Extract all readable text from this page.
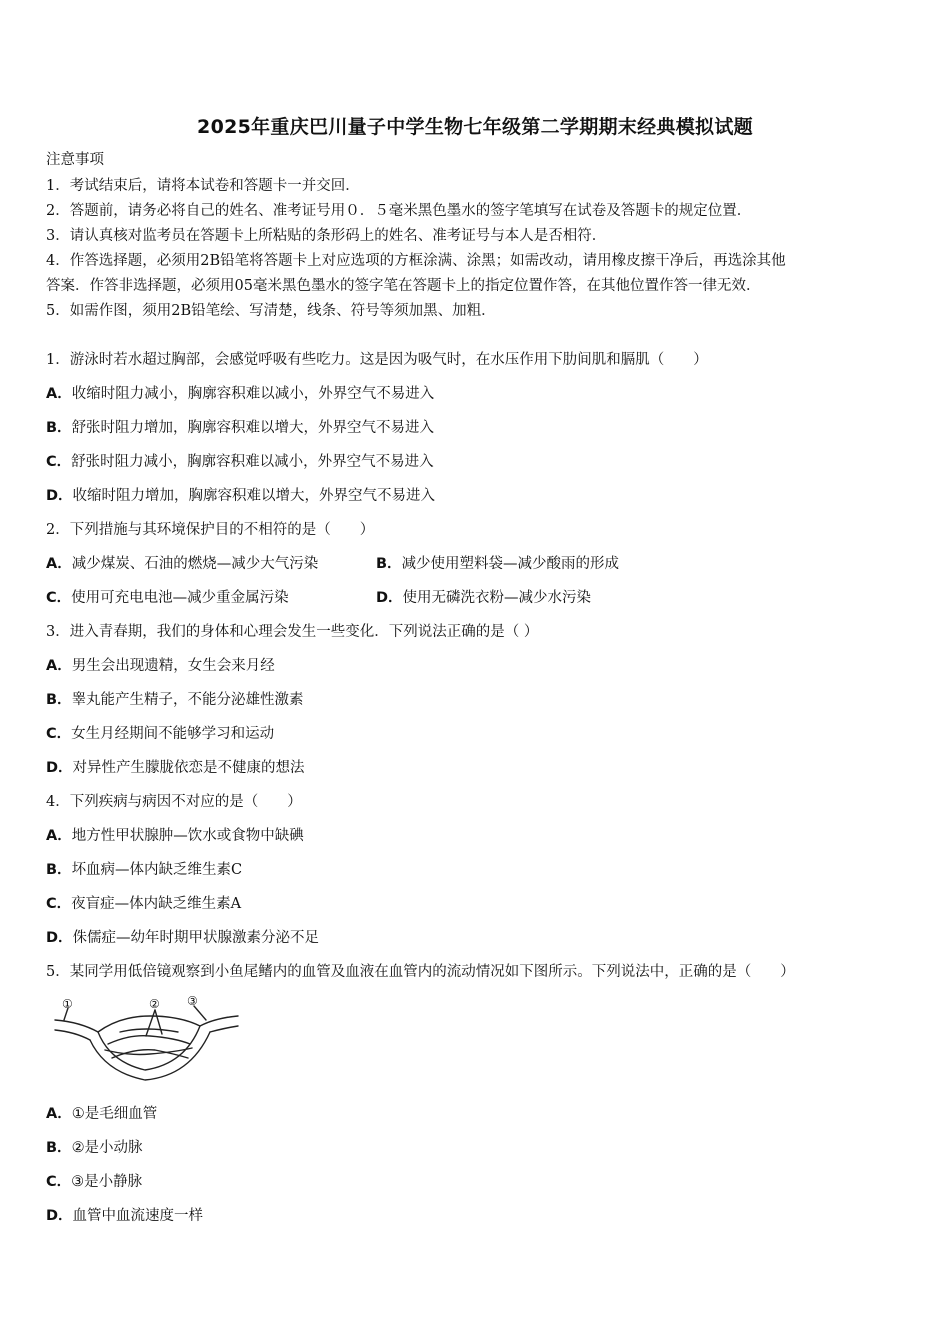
2025年重庆巴川量子中学生物七年级第二学期期末经典模拟试题
注意事项
1．考试结束后，请将本试卷和答题卡一并交回．
2．答题前，请务必将自己的姓名、准考证号用０．５毫米黑色墨水的签字笔填写在试卷及答题卡的规定位置．
3．请认真核对监考员在答题卡上所粘贴的条形码上的姓名、准考证号与本人是否相符．
4．作答选择题，必须用2B铅笔将答题卡上对应选项的方框涂满、涂黑；如需改动，请用橡皮擦干净后，再选涂其他
答案．作答非选择题，必须用05毫米黑色墨水的签字笔在答题卡上的指定位置作答，在其他位置作答一律无效．
5．如需作图，须用2B铅笔绘、写清楚，线条、符号等须加黑、加粗．
1．游泳时若水超过胸部，会感觉呼吸有些吃力。这是因为吸气时，在水压作用下肋间肌和膈肌（　　）
A．收缩时阻力减小，胸廓容积难以减小，外界空气不易进入
B．舒张时阻力增加，胸廓容积难以增大，外界空气不易进入
C．舒张时阻力减小，胸廓容积难以减小，外界空气不易进入
D．收缩时阻力增加，胸廓容积难以增大，外界空气不易进入
2．下列措施与其环境保护目的不相符的是（　　）
A．减少煤炭、石油的燃烧—减少大气污染	B．减少使用塑料袋—减少酸雨的形成
C．使用可充电电池—减少重金属污染	D．使用无磷洗衣粉—减少水污染
3．进入青春期，我们的身体和心理会发生一些变化．下列说法正确的是（ ）
A．男生会出现遗精，女生会来月经
B．睾丸能产生精子，不能分泌雄性激素
C．女生月经期间不能够学习和运动
D．对异性产生朦胧依恋是不健康的想法
4．下列疾病与病因不对应的是（　　）
A．地方性甲状腺肿—饮水或食物中缺碘
B．坏血病—体内缺乏维生素C
C．夜盲症—体内缺乏维生素A
D．侏儒症—幼年时期甲状腺激素分泌不足
5．某同学用低倍镜观察到小鱼尾鳍内的血管及血液在血管内的流动情况如下图所示。下列说法中，正确的是（　　）
①	② ③
A．①是毛细血管
B．②是小动脉
C．③是小静脉
D．血管中血流速度一样
